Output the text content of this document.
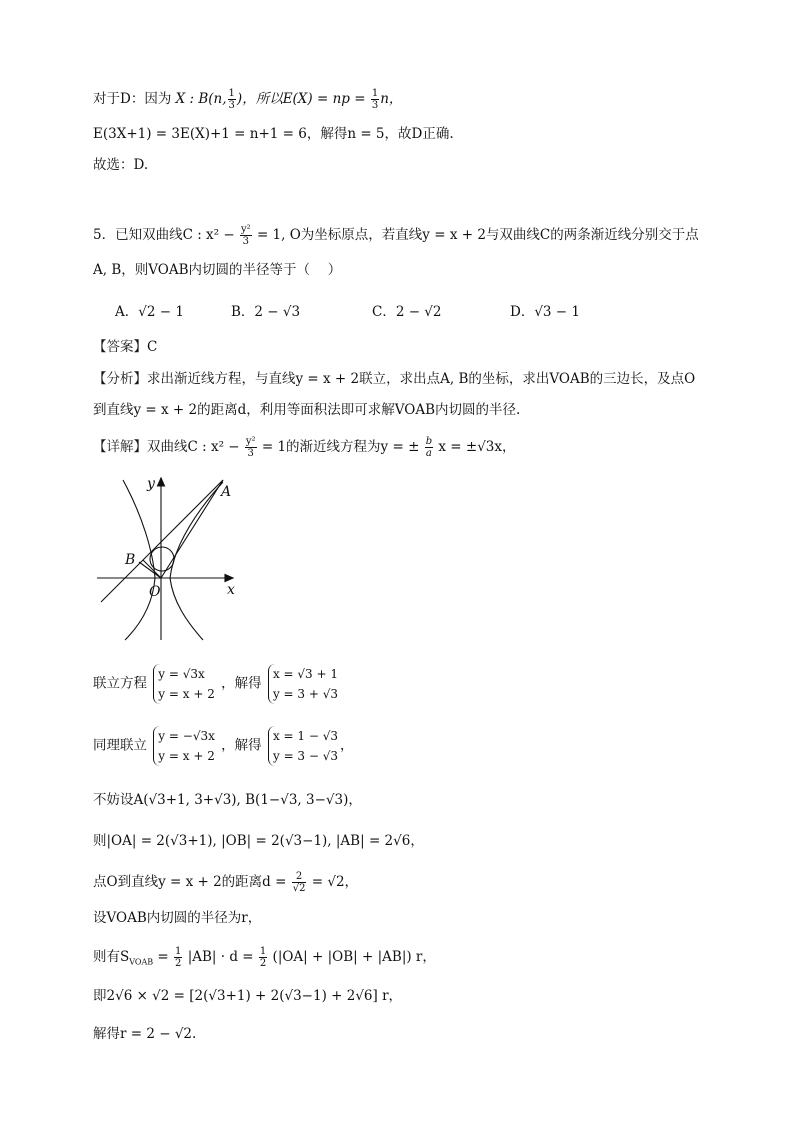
对于D：因为 X : B(n, $\frac{1}{3}$ )，所以E(X) = np = $\frac{1}{3}$ n，
E(3X+1) = 3E(X)+1 = n+1 = 6，解得n = 5，故D正确.
故选：D.
5．已知双曲线C : $x^2 - \frac{\text{y²}}{3} = 1$, O为坐标原点，若直线y = x + 2与双曲线C的两条渐近线分别交于点
A, B，则VOAB内切圆的半径等于（　 ）
A．√2 − 1	B．2 − √3	C．2 − √2	D．√3 − 1
【答案】C
【分析】求出渐近线方程，与直线y = x + 2联立，求出点A, B的坐标，求出VOAB的三边长，及点O
到直线y = x + 2的距离d，利用等面积法即可求解VOAB内切圆的半径.
【详解】双曲线C : $x^2 - \frac{\text{y²}}{3} = 1$的渐近线方程为y = ± $\frac{b}{a}$ x = ±√3x，
y
x
O
A
B
联立方程
y = √3x
y = x + 2
，解得
x = √3 + 1
y = 3 + √3
同理联立
y = −√3x
y = x + 2
，解得
x = 1 − √3
y = 3 − √3
，
不妨设A(√3+1, 3+√3), B(1−√3, 3−√3)，
则|OA| = 2(√3+1), |OB| = 2(√3−1), |AB| = 2√6，
点O到直线y = x + 2的距离$d = \frac{2}{√2} = √2$，
设VOAB内切圆的半径为r，
则有$S_{VOAB} = \frac{1}{2} |AB| \cdot d = \frac{1}{2} (|OA| + |OB| + |AB|)$ r，
即2√6 × √2 = [2(√3+1) + 2(√3−1) + 2√6] r，
解得r = 2 − √2.
